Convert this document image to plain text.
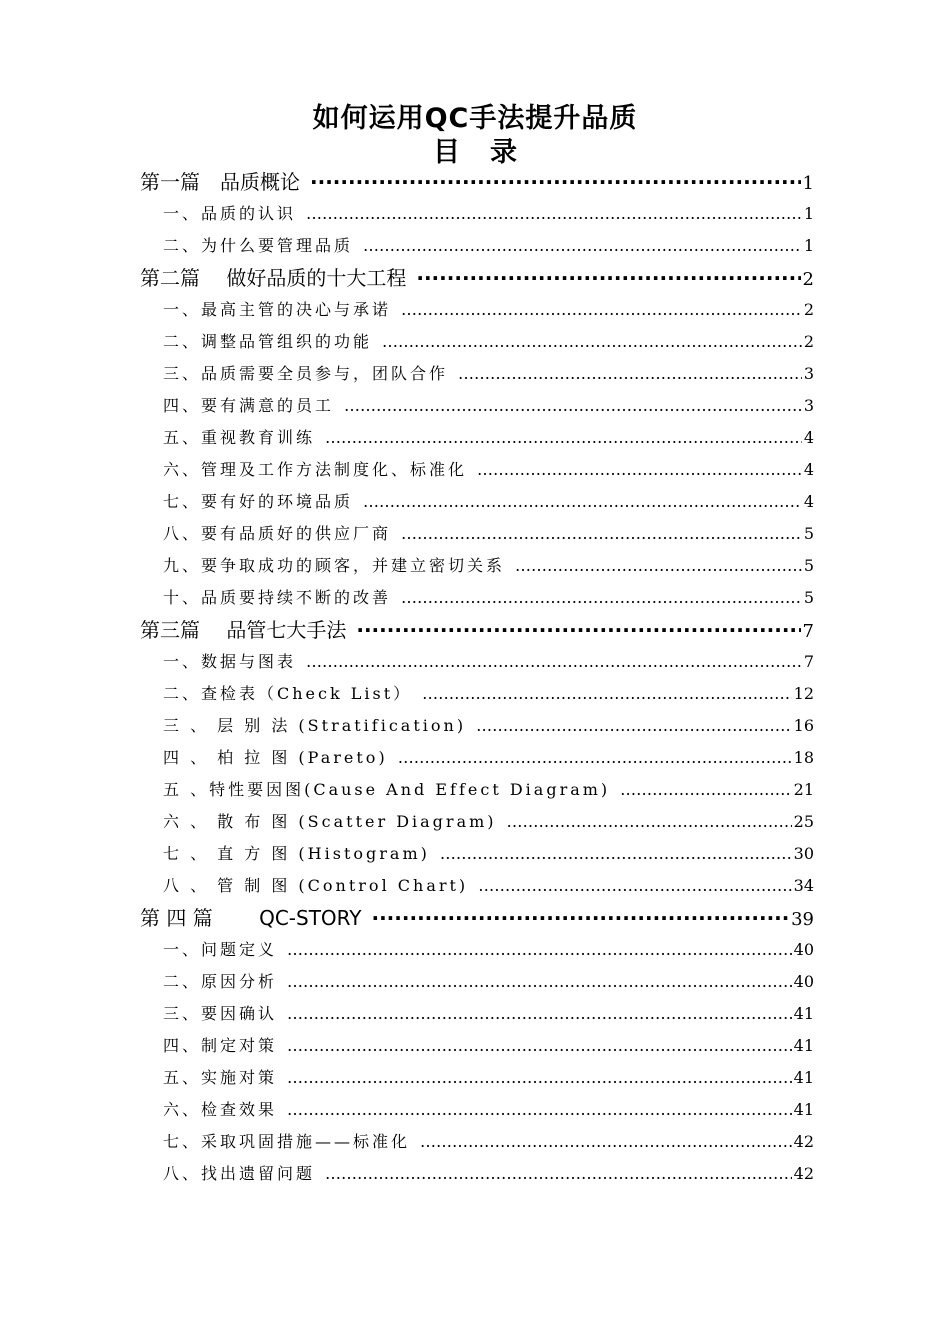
如何运用QC手法提升品质
目录
第一篇　品质概论 ·····	1
一、品质的认识 …………………………………………………………………………………………………………………………………………………………………………………………	1
二、为什么要管理品质 …………………………………………………………………………………………………………………………………………………………………………………………	1
第二篇　 做好品质的十大工程 ·····	2
一、最高主管的决心与承诺 …………………………………………………………………………………………………………………………………………………………………………………………	2
二、调整品管组织的功能 …………………………………………………………………………………………………………………………………………………………………………………………	2
三、品质需要全员参与，团队合作 …………………………………………………………………………………………………………………………………………………………………………………………	3
四、要有满意的员工 …………………………………………………………………………………………………………………………………………………………………………………………	3
五、重视教育训练 …………………………………………………………………………………………………………………………………………………………………………………………	4
六、管理及工作方法制度化、标准化 …………………………………………………………………………………………………………………………………………………………………………………………	4
七、要有好的环境品质 …………………………………………………………………………………………………………………………………………………………………………………………	4
八、要有品质好的供应厂商 …………………………………………………………………………………………………………………………………………………………………………………………	5
九、要争取成功的顾客，并建立密切关系 …………………………………………………………………………………………………………………………………………………………………………………………	5
十、品质要持续不断的改善 …………………………………………………………………………………………………………………………………………………………………………………………	5
第三篇　 品管七大手法 ·····	7
一、数据与图表 …………………………………………………………………………………………………………………………………………………………………………………………	7
二、查检表（Check List） …………………………………………………………………………………………………………………………………………………………………………………………	12
三 、 层 别 法 (Stratification) …………………………………………………………………………………………………………………………………………………………………………………………	16
四 、 柏 拉 图 (Pareto) …………………………………………………………………………………………………………………………………………………………………………………………	18
五 、特性要因图(Cause And Effect Diagram) …………………………………………………………………………………………………………………………………………………………………………………………	21
六 、 散 布 图 (Scatter Diagram) …………………………………………………………………………………………………………………………………………………………………………………………	25
七 、 直 方 图 (Histogram) …………………………………………………………………………………………………………………………………………………………………………………………	30
八 、 管 制 图 (Control Chart) …………………………………………………………………………………………………………………………………………………………………………………………	34
第 四 篇　　 QC-STORY ·····	39
一、问题定义 …………………………………………………………………………………………………………………………………………………………………………………………	40
二、原因分析 …………………………………………………………………………………………………………………………………………………………………………………………	40
三、要因确认 …………………………………………………………………………………………………………………………………………………………………………………………	41
四、制定对策 …………………………………………………………………………………………………………………………………………………………………………………………	41
五、实施对策 …………………………………………………………………………………………………………………………………………………………………………………………	41
六、检查效果 …………………………………………………………………………………………………………………………………………………………………………………………	41
七、采取巩固措施——标准化 …………………………………………………………………………………………………………………………………………………………………………………………	42
八、找出遗留问题 …………………………………………………………………………………………………………………………………………………………………………………………	42
